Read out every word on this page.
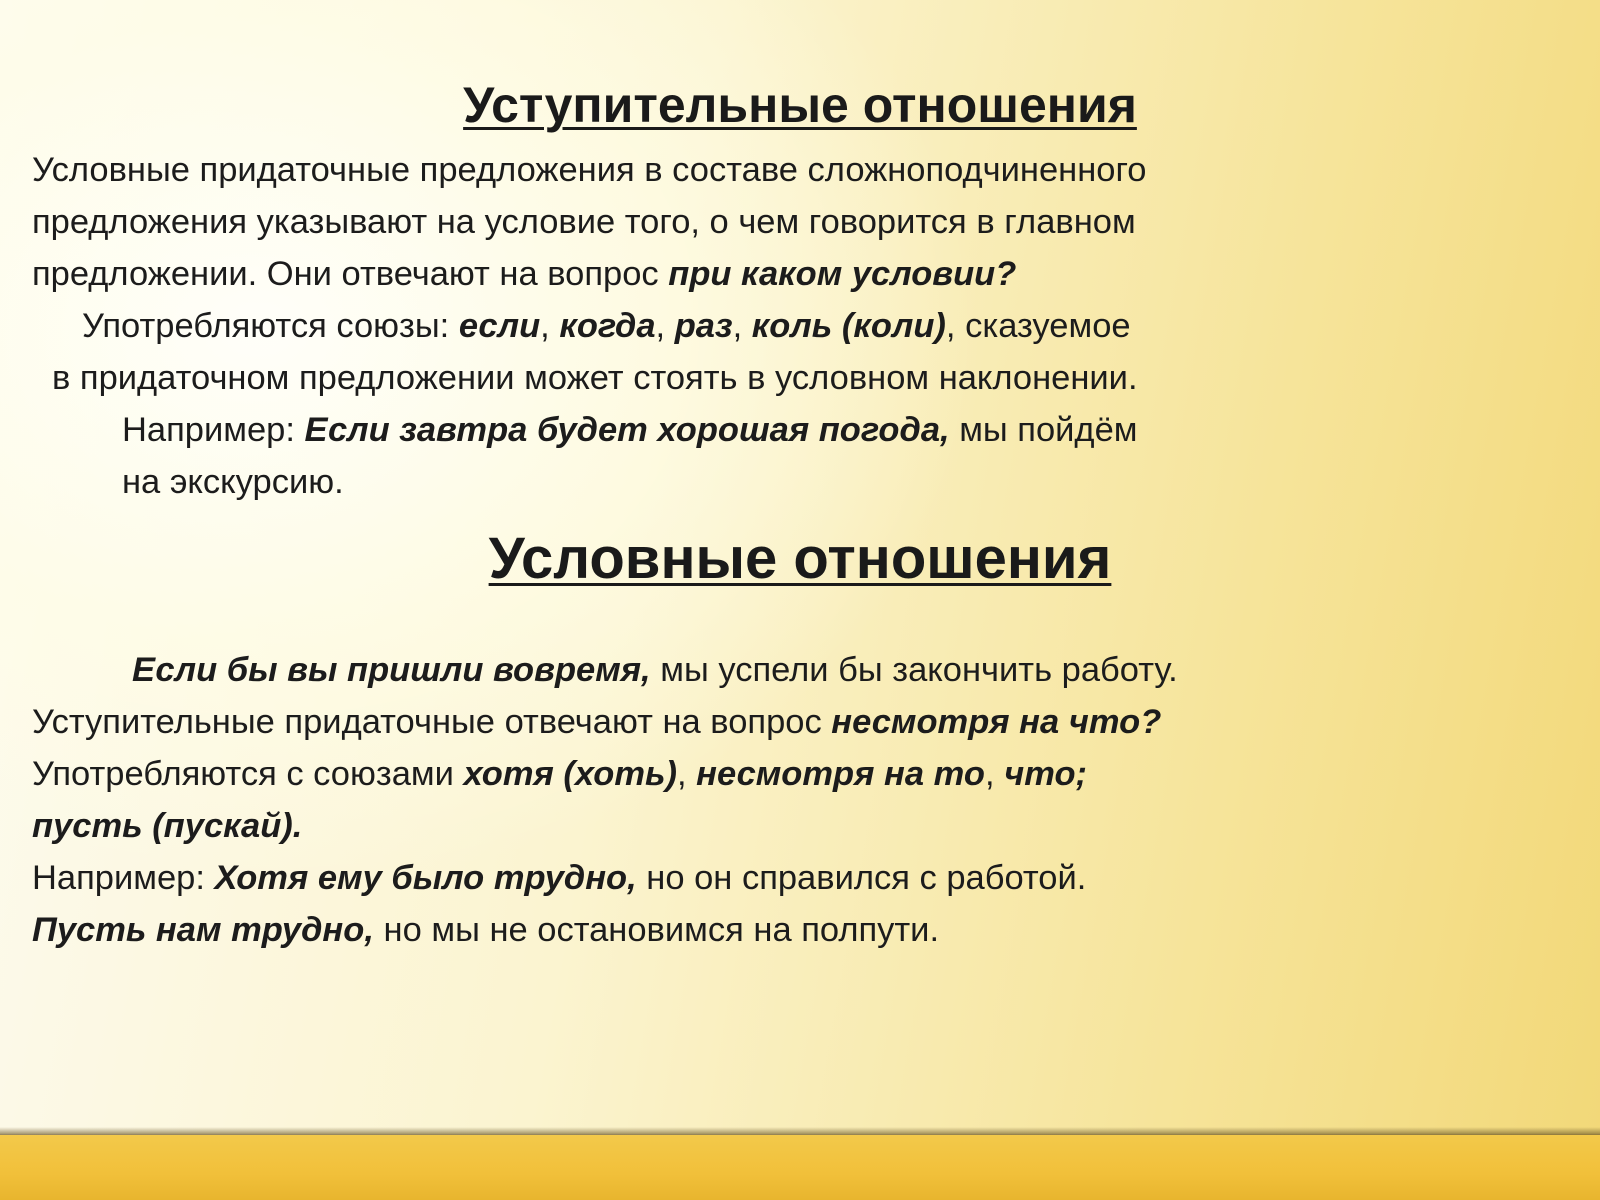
Уступительные отношения
Условные придаточные предложения в составе сложноподчиненного
предложения указывают на условие того, о чем говорится в главном
предложении. Они отвечают на вопрос при каком условии?
Употребляются союзы: если, когда, раз, коль (коли), сказуемое
в придаточном предложении может стоять в условном наклонении.
Например: Если завтра будет хорошая погода, мы пойдём
на экскурсию.
Условные отношения
Если бы вы пришли вовремя, мы успели бы закончить работу.
Уступительные придаточные отвечают на вопрос несмотря на что?
Употребляются с союзами хотя (хоть), несмотря на то, что;
пусть (пускай).
Например: Хотя ему было трудно, но он справился с работой.
Пусть нам трудно, но мы не остановимся на полпути.
